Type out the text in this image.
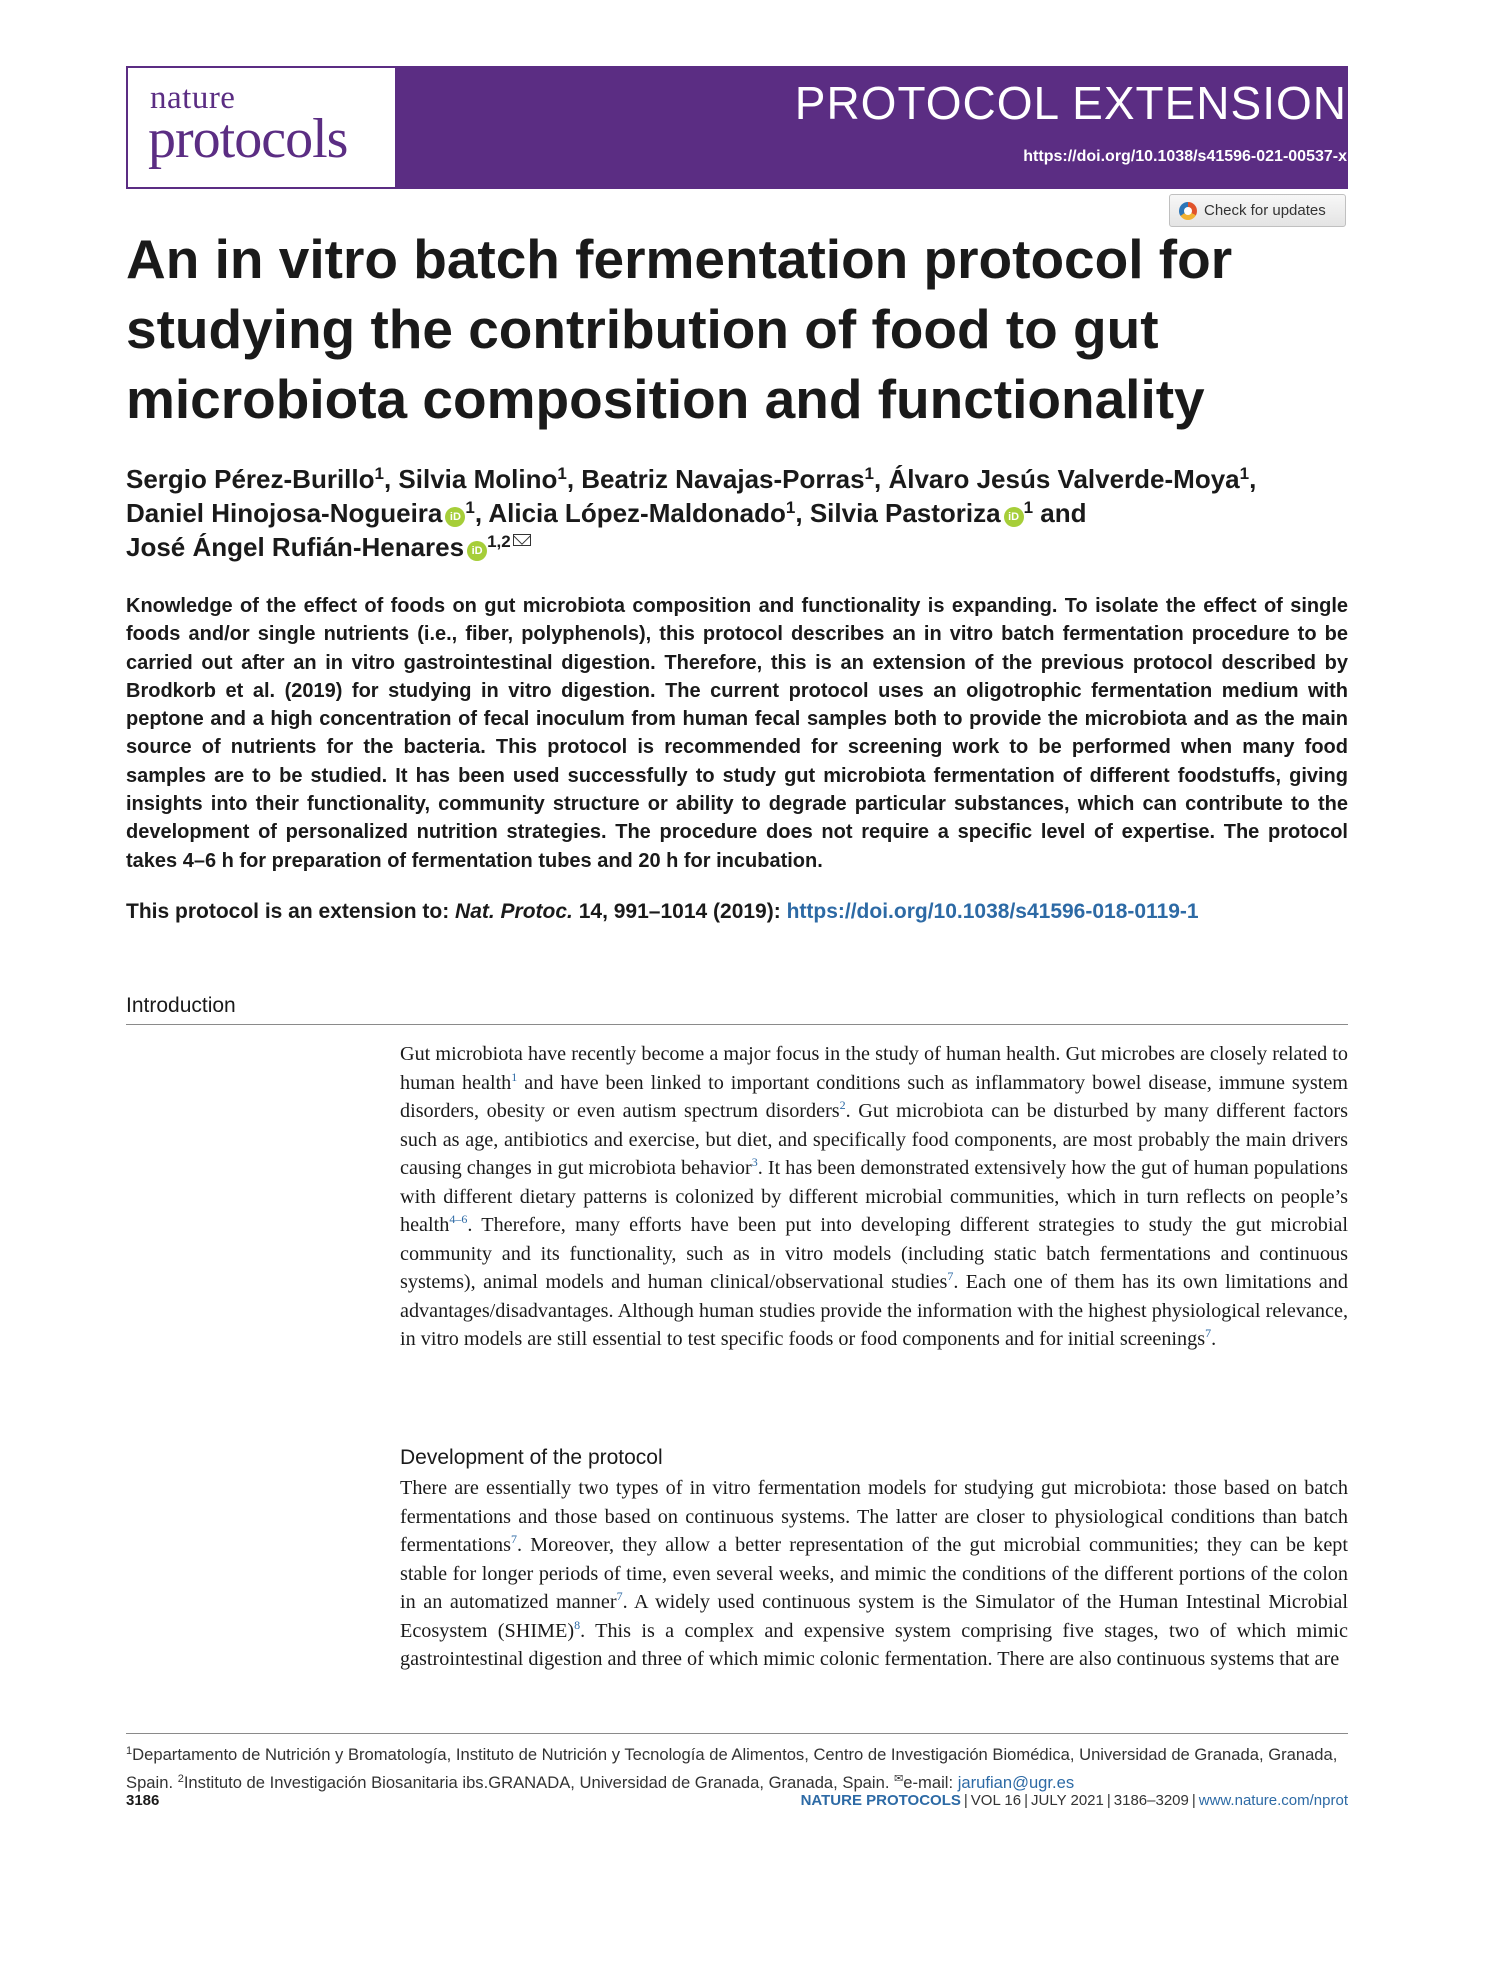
nature
protocols
PROTOCOL EXTENSION
https://doi.org/10.1038/s41596-021-00537-x
Check for updates
An in vitro batch fermentation protocol for
studying the contribution of food to gut
microbiota composition and functionality
Sergio Pérez-Burillo$^1$, Silvia Molino$^1$, Beatriz Navajas-Porras$^1$, Álvaro Jesús Valverde-Moya$^1$,
Daniel Hinojosa-Nogueira iD $^1$, Alicia López-Maldonado$^1$, Silvia Pastoriza iD $^1$ and
José Ángel Rufián-Henares iD $^{1,2}$

Knowledge of the effect of foods on gut microbiota composition and functionality is expanding. To isolate the effect of single foods and/or single nutrients (i.e., fiber, polyphenols), this protocol describes an in vitro batch fermentation procedure to be carried out after an in vitro gastrointestinal digestion. Therefore, this is an extension of the previous protocol described by Brodkorb et al. (2019) for studying in vitro digestion. The current protocol uses an oligotrophic fermentation medium with peptone and a high concentration of fecal inoculum from human fecal samples both to provide the microbiota and as the main source of nutrients for the bacteria. This protocol is recommended for screening work to be performed when many food samples are to be studied. It has been used successfully to study gut microbiota fermentation of different foodstuffs, giving insights into their functionality, community structure or ability to degrade particular substances, which can contribute to the development of personalized nutrition strategies. The procedure does not require a specific level of expertise. The protocol takes 4–6 h for preparation of fermentation tubes and 20 h for incubation.

This protocol is an extension to: Nat. Protoc. 14, 991–1014 (2019): https://doi.org/10.1038/s41596-018-0119-1
Introduction

Gut microbiota have recently become a major focus in the study of human health. Gut microbes are closely related to human health$^1$ and have been linked to important conditions such as inflammatory bowel disease, immune system disorders, obesity or even autism spectrum disorders$^2$. Gut microbiota can be disturbed by many different factors such as age, antibiotics and exercise, but diet, and specifically food components, are most probably the main drivers causing changes in gut microbiota behavior$^3$. It has been demonstrated extensively how the gut of human populations with different dietary patterns is colonized by different microbial communities, which in turn reflects on people’s health$^{4-6}$. Therefore, many efforts have been put into developing different strategies to study the gut microbial community and its functionality, such as in vitro models (including static batch fermentations and continuous systems), animal models and human clinical/observational studies$^7$. Each one of them has its own limitations and advantages/disadvantages. Although human studies provide the information with the highest physiological relevance, in vitro models are still essential to test specific foods or food components and for initial screenings$^7$.

Development of the protocol

There are essentially two types of in vitro fermentation models for studying gut microbiota: those based on batch fermentations and those based on continuous systems. The latter are closer to physiological conditions than batch fermentations$^7$. Moreover, they allow a better representation of the gut microbial communities; they can be kept stable for longer periods of time, even several weeks, and mimic the conditions of the different portions of the colon in an automatized manner$^7$. A widely used continuous system is the Simulator of the Human Intestinal Microbial Ecosystem (SHIME)$^8$. This is a complex and expensive system comprising five stages, two of which mimic gastrointestinal digestion and three of which mimic colonic fermentation. There are also continuous systems that are

$^1$Departamento de Nutrición y Bromatología, Instituto de Nutrición y Tecnología de Alimentos, Centro de Investigación Biomédica, Universidad de Granada, Granada, Spain. $^2$Instituto de Investigación Biosanitaria ibs.GRANADA, Universidad de Granada, Granada, Spain. ✉e-mail: jarufian@ugr.es
3186	NATURE PROTOCOLS | VOL 16 | JULY 2021 | 3186–3209 | www.nature.com/nprot
